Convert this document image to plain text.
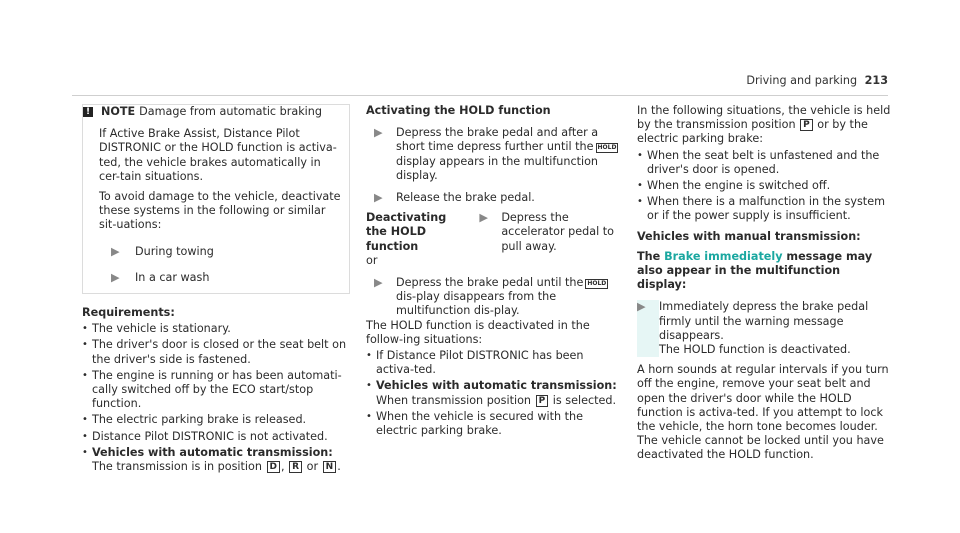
Driving and parking 213
! NOTE Damage from automatic braking

If Active Brake Assist, Distance Pilot DISTRONIC or the HOLD function is activa-ted, the vehicle brakes automatically in cer-tain situations.

To avoid damage to the vehicle, deactivate these systems in the following or similar sit-uations:

▶	During towing
▶	In a car wash

Requirements:

• The vehicle is stationary.
• The driver's door is closed or the seat belt on the driver's side is fastened.
• The engine is running or has been automati-cally switched off by the ECO start/stop function.
• The electric parking brake is released.
• Distance Pilot DISTRONIC is not activated.
• Vehicles with automatic transmission:
The transmission is in position D , R or N .

Activating the HOLD function

▶	Depress the brake pedal and after a short time depress further until the HOLDdisplay appears in the multifunction display.
▶	Release the brake pedal.
Deactivating the HOLD function
▶	Depress the accelerator pedal to pull away.

or

▶	Depress the brake pedal until the HOLDdis-play disappears from the multifunction dis-play.

The HOLD function is deactivated in the follow-ing situations:

• If Distance Pilot DISTRONIC has been activa-ted.
• Vehicles with automatic transmission:
When transmission position P is selected.
• When the vehicle is secured with the electric parking brake.

In the following situations, the vehicle is held by the transmission position P or by the electric parking brake:

• When the seat belt is unfastened and the driver's door is opened.
• When the engine is switched off.
• When there is a malfunction in the system or if the power supply is insufficient.

Vehicles with manual transmission:

The Brake immediately message may also appear in the multifunction display:

▶	Immediately depress the brake pedal firmly until the warning message disappears.
The HOLD function is deactivated.

A horn sounds at regular intervals if you turn off the engine, remove your seat belt and open the driver's door while the HOLD function is activa-ted. If you attempt to lock the vehicle, the horn tone becomes louder. The vehicle cannot be locked until you have deactivated the HOLD function.
